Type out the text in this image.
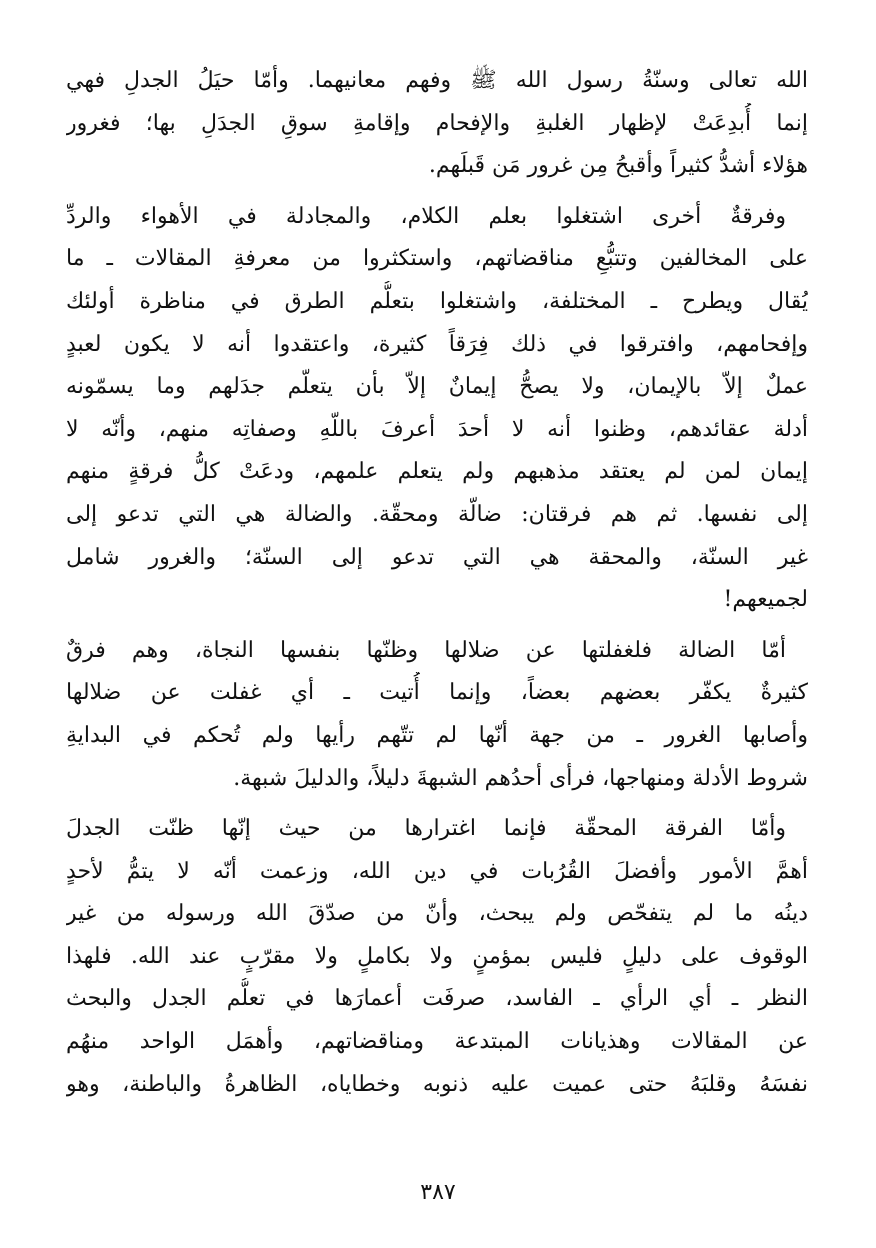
الله تعالى وسنّةُ رسول الله ﷺ وفهم معانيهما. وأمّا حيَلُ الجدلِ فهي
إنما أُبدِعَتْ لإظهار الغلبةِ والإفحام وإقامةِ سوقِ الجدَلِ بها؛ فغرور
هؤلاء أشدُّ كثيراً وأقبحُ مِن غرور مَن قَبلَهم.

وفرقةٌ أخرى اشتغلوا بعلم الكلام، والمجادلة في الأهواء والردِّ
على المخالفين وتتبُّعِ مناقضاتهم، واستكثروا من معرفةِ المقالات ـ ما
يُقال ويطرح ـ المختلفة، واشتغلوا بتعلُّم الطرق في مناظرة أولئك
وإفحامهم، وافترقوا في ذلك فِرَقاً كثيرة، واعتقدوا أنه لا يكون لعبدٍ
عملٌ إلاّ بالإيمان، ولا يصحُّ إيمانٌ إلاّ بأن يتعلّم جدَلهم وما يسمّونه
أدلة عقائدهم، وظنوا أنه لا أحدَ أعرفَ باللّهِ وصفاتِه منهم، وأنّه لا
إيمان لمن لم يعتقد مذهبهم ولم يتعلم علمهم، ودعَتْ كلُّ فرقةٍ منهم
إلى نفسها. ثم هم فرقتان: ضالّة ومحقّة. والضالة هي التي تدعو إلى
غير السنّة، والمحقة هي التي تدعو إلى السنّة؛ والغرور شامل
لجميعهم!

أمّا الضالة فلغفلتها عن ضلالها وظنّها بنفسها النجاة، وهم فرقٌ
كثيرةٌ يكفّر بعضهم بعضاً، وإنما أُتيت ـ أي غفلت عن ضلالها
وأصابها الغرور ـ من جهة أنّها لم تتّهم رأيها ولم تُحكم في البدايةِ
شروط الأدلة ومنهاجها، فرأى أحدُهم الشبهةَ دليلاً، والدليلَ شبهة.

وأمّا الفرقة المحقّة فإنما اغترارها من حيث إنّها ظنّت الجدلَ
أهمَّ الأمور وأفضلَ القُرُبات في دين الله، وزعمت أنّه لا يتمُّ لأحدٍ
دينُه ما لم يتفحّص ولم يبحث، وأنّ من صدّقَ الله ورسوله من غير
الوقوف على دليلٍ فليس بمؤمنٍ ولا بكاملٍ ولا مقرّبٍ عند الله. فلهذا
النظر ـ أي الرأي ـ الفاسد، صرفَت أعمارَها في تعلُّم الجدل والبحث
عن المقالات وهذيانات المبتدعة ومناقضاتهم، وأهمَل الواحد منهُم
نفسَهُ وقلبَهُ حتى عميت عليه ذنوبه وخطاياه، الظاهرةُ والباطنة، وهو

٣٨٧
